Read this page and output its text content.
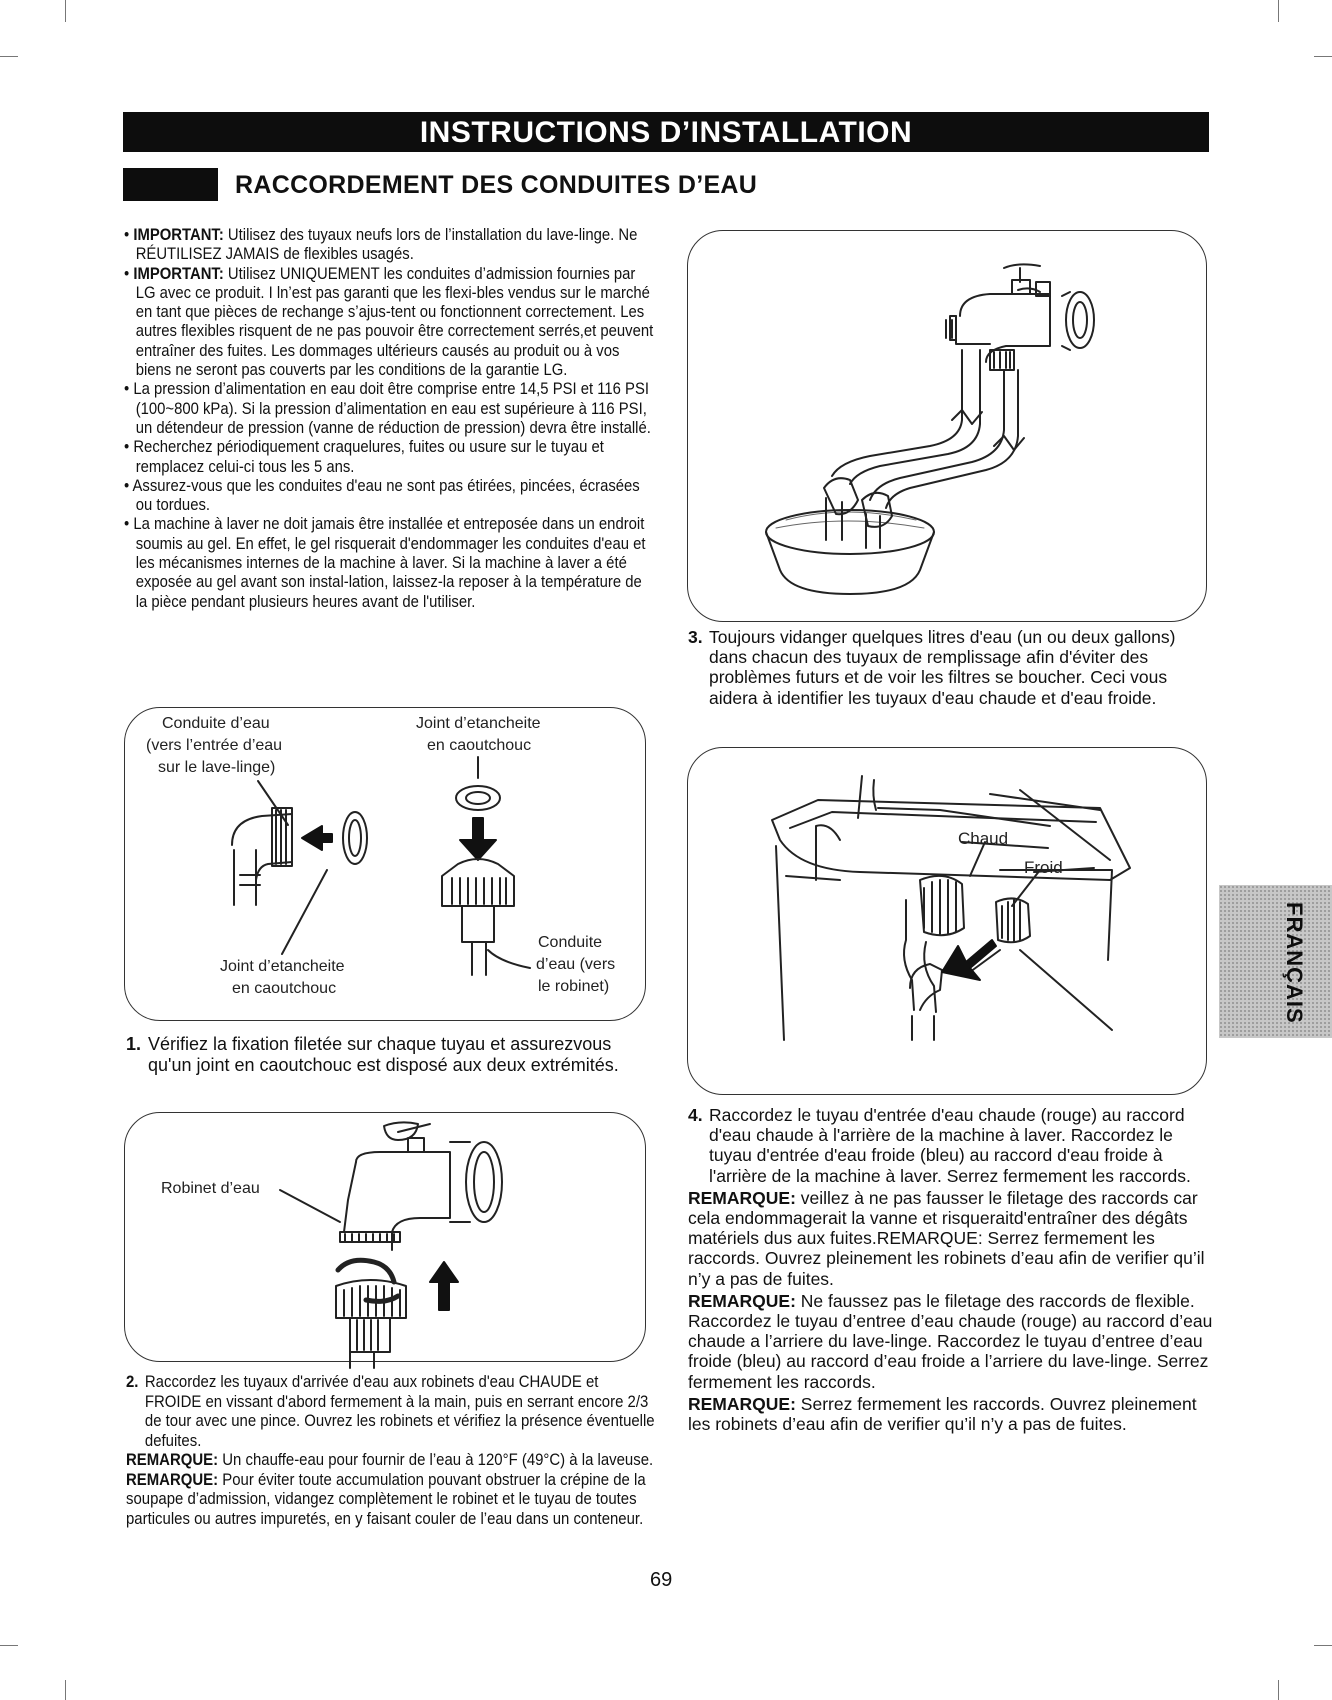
INSTRUCTIONS D’INSTALLATION
RACCORDEMENT DES CONDUITES D’EAU

• IMPORTANT: Utilisez des tuyaux neufs lors de l’installation du lave-linge. Ne RÉUTILISEZ JAMAIS de flexibles usagés.

• IMPORTANT: Utilisez UNIQUEMENT les conduites d’admission fournies par LG avec ce produit. I ln’est pas garanti que les flexi-bles vendus sur le marché en tant que pièces de rechange s’ajus-tent ou fonctionnent correctement. Les autres flexibles risquent de ne pas pouvoir être correctement serrés,et peuvent entraîner des fuites. Les dommages ultérieurs causés au produit ou à vos biens ne seront pas couverts par les conditions de la garantie LG.

• La pression d’alimentation en eau doit être comprise entre 14,5 PSI et 116 PSI (100~800 kPa). Si la pression d’alimentation en eau est supérieure à 116 PSI, un détendeur de pression (vanne de réduction de pression) devra être installé.

• Recherchez périodiquement craquelures, fuites ou usure sur le tuyau et remplacez celui-ci tous les 5 ans.

• Assurez-vous que les conduites d'eau ne sont pas étirées, pincées, écrasées ou tordues.

• La machine à laver ne doit jamais être installée et entreposée dans un endroit soumis au gel. En effet, le gel risquerait d'endommager les conduites d'eau et les mécanismes internes de la machine à laver. Si la machine à laver a été exposée au gel avant son instal-lation, laissez-la reposer à la température de la pièce pendant plusieurs heures avant de l'utiliser.

Conduite d’eau
(vers l’entrée d’eau
sur le lave-linge)
Joint d’etancheite
en caoutchouc
Joint d’etancheite
en caoutchouc
Conduite
d’eau (vers
le robinet)
1. Vérifiez la fixation filetée sur chaque tuyau et assurezvous qu'un joint en caoutchouc est disposé aux deux extrémités.
Robinet d’eau
2. Raccordez les tuyaux d'arrivée d'eau aux robinets d'eau CHAUDE et FROIDE en vissant d'abord fermement à la main, puis en serrant encore 2/3 de tour avec une pince. Ouvrez les robinets et vérifiez la présence éventuelle defuites.
REMARQUE: Un chauffe-eau pour fournir de l’eau à 120°F (49°C) à la laveuse.
REMARQUE: Pour éviter toute accumulation pouvant obstruer la crépine de la soupape d’admission, vidangez complètement le robinet et le tuyau de toutes particules ou autres impuretés, en y faisant couler de l’eau dans un conteneur.
3. Toujours vidanger quelques litres d'eau (un ou deux gallons) dans chacun des tuyaux de remplissage afin d'éviter des problèmes futurs et de voir les filtres se boucher. Ceci vous aidera à identifier les tuyaux d'eau chaude et d'eau froide.
Chaud
Froid
4. Raccordez le tuyau d'entrée d'eau chaude (rouge) au raccord d'eau chaude à l'arrière de la machine à laver. Raccordez le tuyau d'entrée d'eau froide (bleu) au raccord d'eau froide à l'arrière de la machine à laver. Serrez fermement les raccords.

REMARQUE: veillez à ne pas fausser le filetage des raccords car cela endommagerait la vanne et risqueraitd'entraîner des dégâts matériels dus aux fuites.REMARQUE: Serrez fermement les raccords. Ouvrez pleinement les robinets d’eau afin de verifier qu’il n’y a pas de fuites.

REMARQUE: Ne faussez pas le filetage des raccords de flexible. Raccordez le tuyau d’entree d’eau chaude (rouge) au raccord d’eau chaude a l’arriere du lave-linge. Raccordez le tuyau d’entree d’eau froide (bleu) au raccord d’eau froide a l’arriere du lave-linge. Serrez fermement les raccords.

REMARQUE: Serrez fermement les raccords. Ouvrez pleinement les robinets d’eau afin de verifier qu’il n’y a pas de fuites.

69
FRANÇAIS
